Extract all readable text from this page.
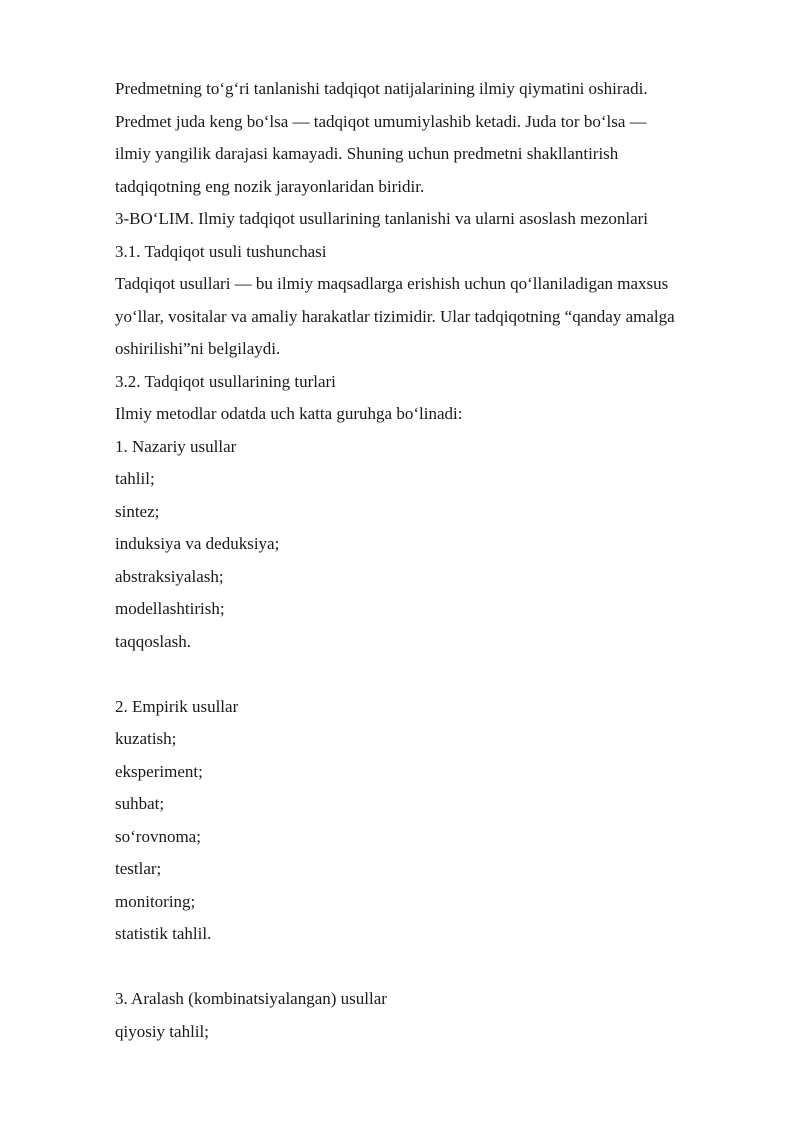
Predmetning to‘g‘ri tanlanishi tadqiqot natijalarining ilmiy qiymatini oshiradi.
Predmet juda keng bo‘lsa — tadqiqot umumiylashib ketadi. Juda tor bo‘lsa —
ilmiy yangilik darajasi kamayadi. Shuning uchun predmetni shakllantirish
tadqiqotning eng nozik jarayonlaridan biridir.
3-BO‘LIM. Ilmiy tadqiqot usullarining tanlanishi va ularni asoslash mezonlari
3.1. Tadqiqot usuli tushunchasi
Tadqiqot usullari — bu ilmiy maqsadlarga erishish uchun qo‘llaniladigan maxsus
yo‘llar, vositalar va amaliy harakatlar tizimidir. Ular tadqiqotning “qanday amalga
oshirilishi”ni belgilaydi.
3.2. Tadqiqot usullarining turlari
Ilmiy metodlar odatda uch katta guruhga bo‘linadi:
1. Nazariy usullar
tahlil;
sintez;
induksiya va deduksiya;
abstraksiyalash;
modellashtirish;
taqqoslash.
2. Empirik usullar
kuzatish;
eksperiment;
suhbat;
so‘rovnoma;
testlar;
monitoring;
statistik tahlil.
3. Aralash (kombinatsiyalangan) usullar
qiyosiy tahlil;
